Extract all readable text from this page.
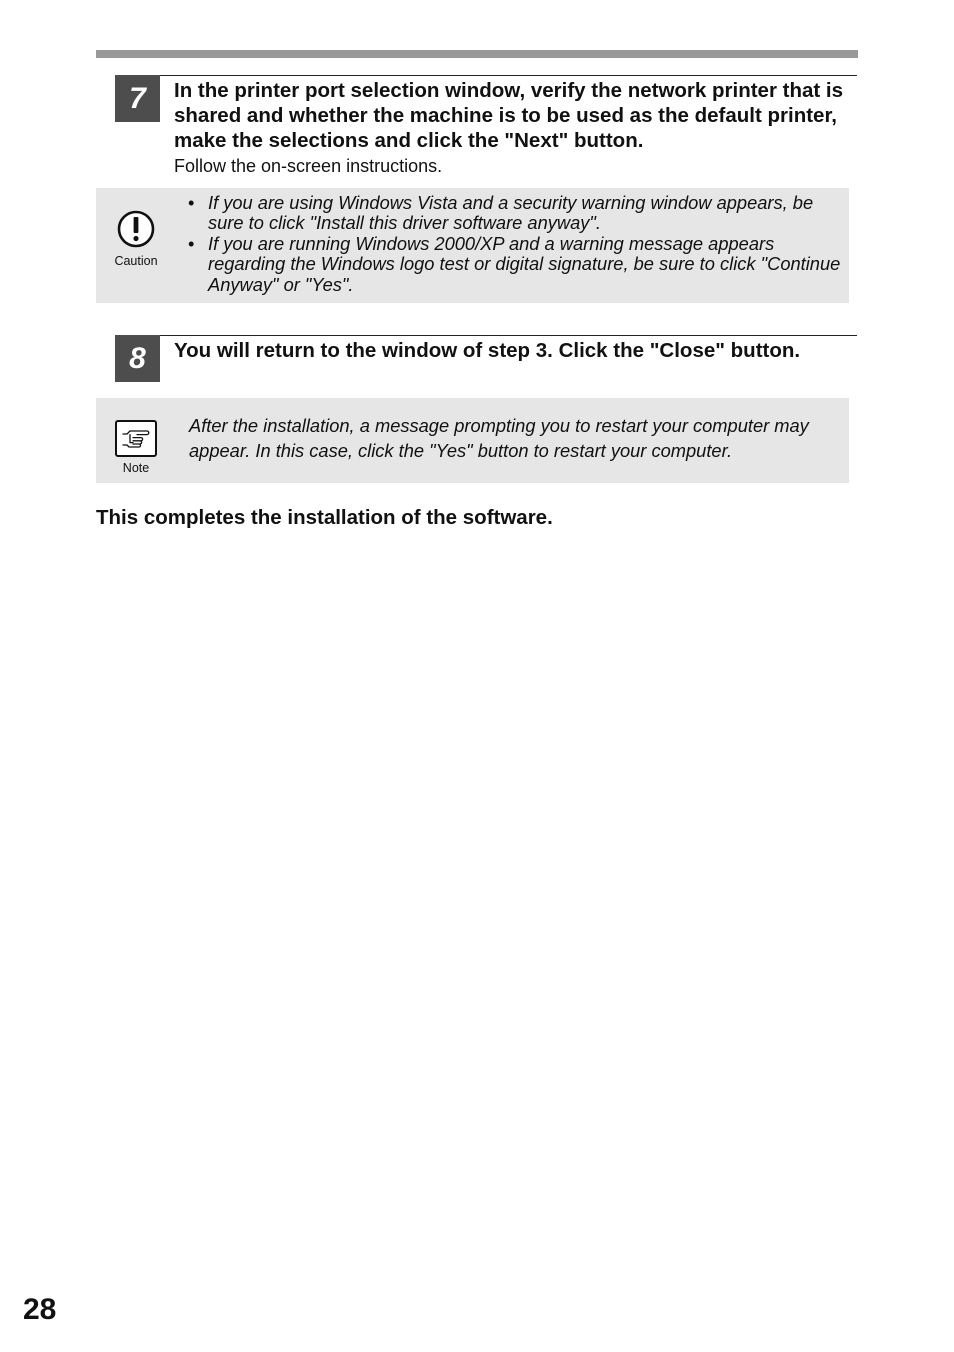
7	In the printer port selection window, verify the network printer that is shared and whether the machine is to be used as the default printer, make the selections and click the "Next" button.

Follow the on-screen instructions.

Caution
• If you are using Windows Vista and a security warning window appears, be sure to click "Install this driver software anyway".
• If you are running Windows 2000/XP and a warning message appears regarding the Windows logo test or digital signature, be sure to click "Continue Anyway" or "Yes".
8	You will return to the window of step 3. Click the "Close" button.

Note

After the installation, a message prompting you to restart your computer may appear. In this case, click the "Yes" button to restart your computer.

This completes the installation of the software.

28
